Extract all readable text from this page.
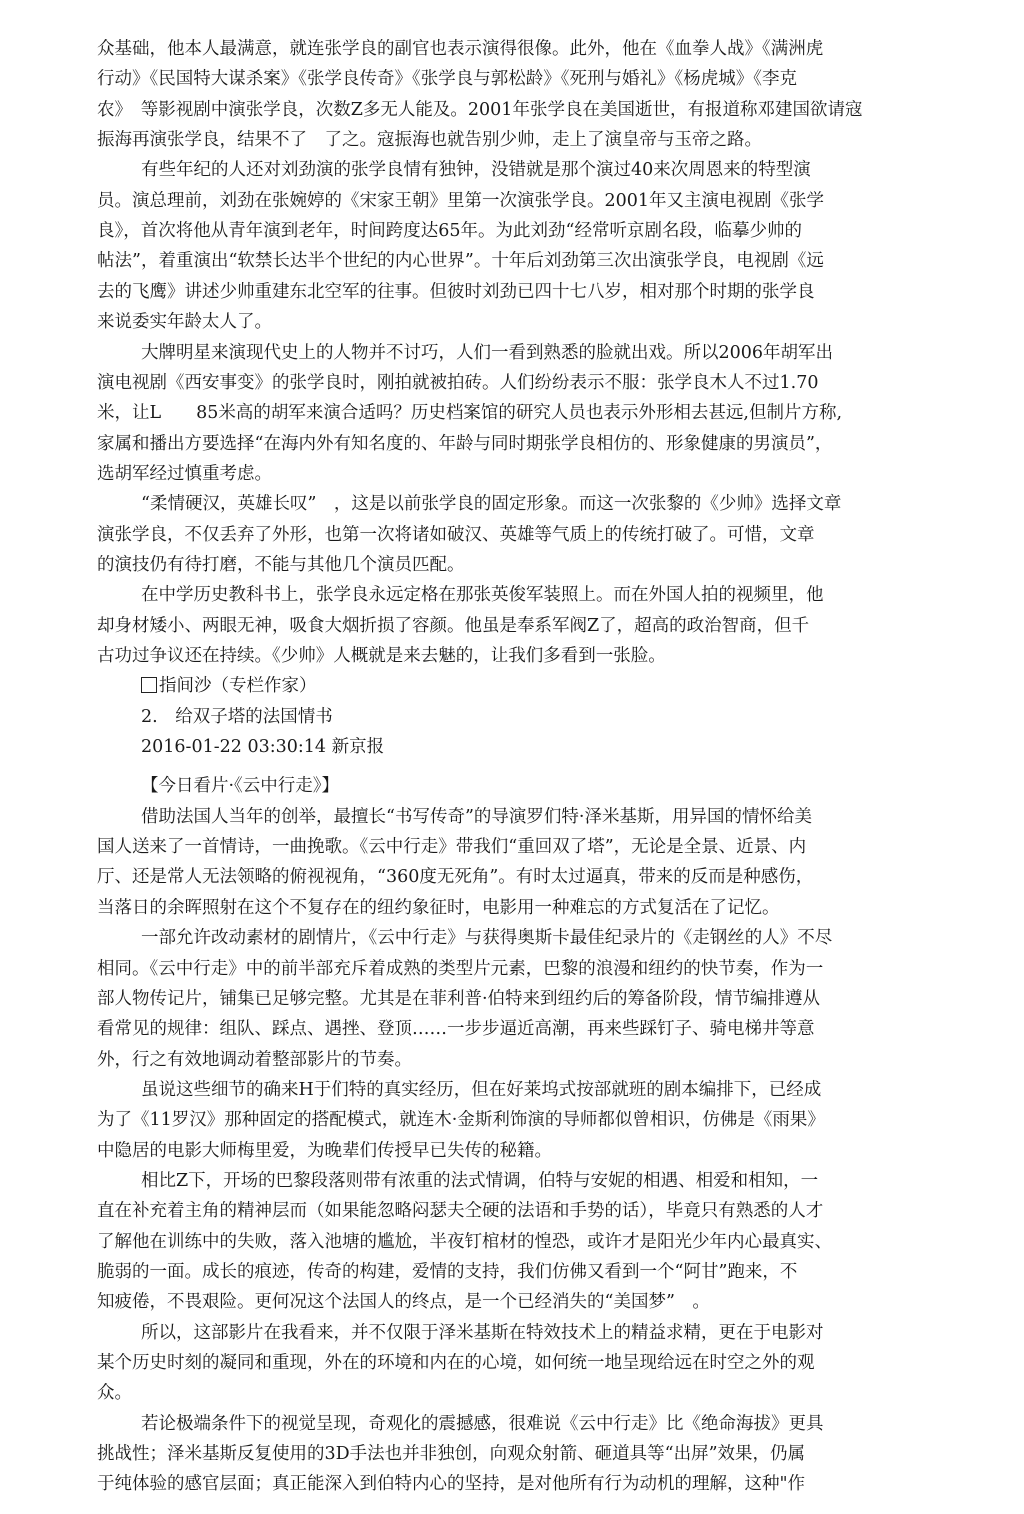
众基础，他本人最满意，就连张学良的副官也表示演得很像。此外，他在《血拳人战》《满洲虎
行动》《民国特大谋杀案》《张学良传奇》《张学良与郭松龄》《死刑与婚礼》《杨虎城》《李克
农》　等影视剧中演张学良，次数Z多无人能及。2001年张学良在美国逝世，有报道称邓建国欲请寇
振海再演张学良，结果不了　了之。寇振海也就告别少帅，走上了演皇帝与玉帝之路。
有些年纪的人还对刘劲演的张学良情有独钟，没错就是那个演过40来次周恩来的特型演
员。演总理前，刘劲在张婉婷的《宋家王朝》里第一次演张学良。2001年又主演电视剧《张学
良》，首次将他从青年演到老年，时间跨度达65年。为此刘劲“经常听京剧名段，临摹少帅的
帖法”，着重演出“软禁长达半个世纪的内心世界”。十年后刘劲第三次出演张学良，电视剧《远
去的飞鹰》讲述少帅重建东北空军的往事。但彼时刘劲已四十七八岁，相对那个时期的张学良
来说委实年龄太人了。
大牌明星来演现代史上的人物并不讨巧，人们一看到熟悉的脸就出戏。所以2006年胡军出
演电视剧《西安事变》的张学良时，刚拍就被拍砖。人们纷纷表示不服：张学良木人不过1.70
米，让L　　85米高的胡军来演合适吗？历史档案馆的研究人员也表示外形相去甚远,但制片方称,
家属和播出方要选择“在海内外有知名度的、年龄与同时期张学良相仿的、形象健康的男演员”，
选胡军经过慎重考虑。
“柔情硬汉，英雄长叹”　，这是以前张学良的固定形象。而这一次张黎的《少帅》选择文章
演张学良，不仅丢弃了外形，也第一次将诸如破汉、英雄等气质上的传统打破了。可惜，文章
的演技仍有待打磨，不能与其他几个演员匹配。
在中学历史教科书上，张学良永远定格在那张英俊军装照上。而在外国人拍的视频里，他
却身材矮小、两眼无神，吸食大烟折损了容颜。他虽是奉系军阀Z了，超高的政治智商，但千
古功过争议还在持续。《少帅》人概就是来去魅的，让我们多看到一张脸。
指间沙（专栏作家）
2.　给双子塔的法国情书
2016-01-22 03:30:14 新京报
【今日看片·《云中行走》】
借助法国人当年的创举，最擅长“书写传奇”的导演罗们特·泽米基斯，用异国的情怀给美
国人送来了一首情诗，一曲挽歌。《云中行走》带我们“重回双了塔”，无论是全景、近景、内
厅、还是常人无法领略的俯视视角，“360度无死角”。有时太过逼真，带来的反而是种感伤，
当落日的余晖照射在这个不复存在的纽约象征时，电影用一种难忘的方式复活在了记忆。
一部允许改动素材的剧情片，《云中行走》与获得奥斯卡最佳纪录片的《走钢丝的人》不尽
相同。《云中行走》中的前半部充斥着成熟的类型片元素，巴黎的浪漫和纽约的快节奏，作为一
部人物传记片，铺集已足够完整。尤其是在菲利普·伯特来到纽约后的筹备阶段，情节编排遵从
看常见的规律：组队、踩点、遇挫、登顶……一步步逼近高潮，再来些踩钉子、骑电梯井等意
外，行之有效地调动着整部影片的节奏。
虽说这些细节的确来H于们特的真实经历，但在好莱坞式按部就班的剧本编排下，已经成
为了《11罗汉》那种固定的搭配模式，就连木·金斯利饰演的导师都似曾相识，仿佛是《雨果》
中隐居的电影大师梅里爱，为晚辈们传授早已失传的秘籍。
相比Z下，开场的巴黎段落则带有浓重的法式情调，伯特与安妮的相遇、相爱和相知，一
直在补充着主角的精神层而（如果能忽略闷瑟夫仝硬的法语和手势的话），毕竟只有熟悉的人才
了解他在训练中的失败，落入池塘的尴尬，半夜钉棺材的惶恐，或许才是阳光少年内心最真实、
脆弱的一面。成长的痕迹，传奇的构建，爱情的支持，我们仿佛又看到一个“阿甘”跑来，不
知疲倦，不畏艰险。更何况这个法国人的终点，是一个已经消失的“美国梦”　。
所以，这部影片在我看来，并不仅限于泽米基斯在特效技术上的精益求精，更在于电影对
某个历史时刻的凝同和重现，外在的环境和内在的心境，如何统一地呈现给远在时空之外的观
众。
若论极端条件下的视觉呈现，奇观化的震撼感，很难说《云中行走》比《绝命海拔》更具
挑战性；泽米基斯反复使用的3D手法也并非独创，向观众射箭、砸道具等“出屏”效果，仍属
于纯体验的感官层面；真正能深入到伯特内心的坚持，是对他所有行为动机的理解，这种"作
